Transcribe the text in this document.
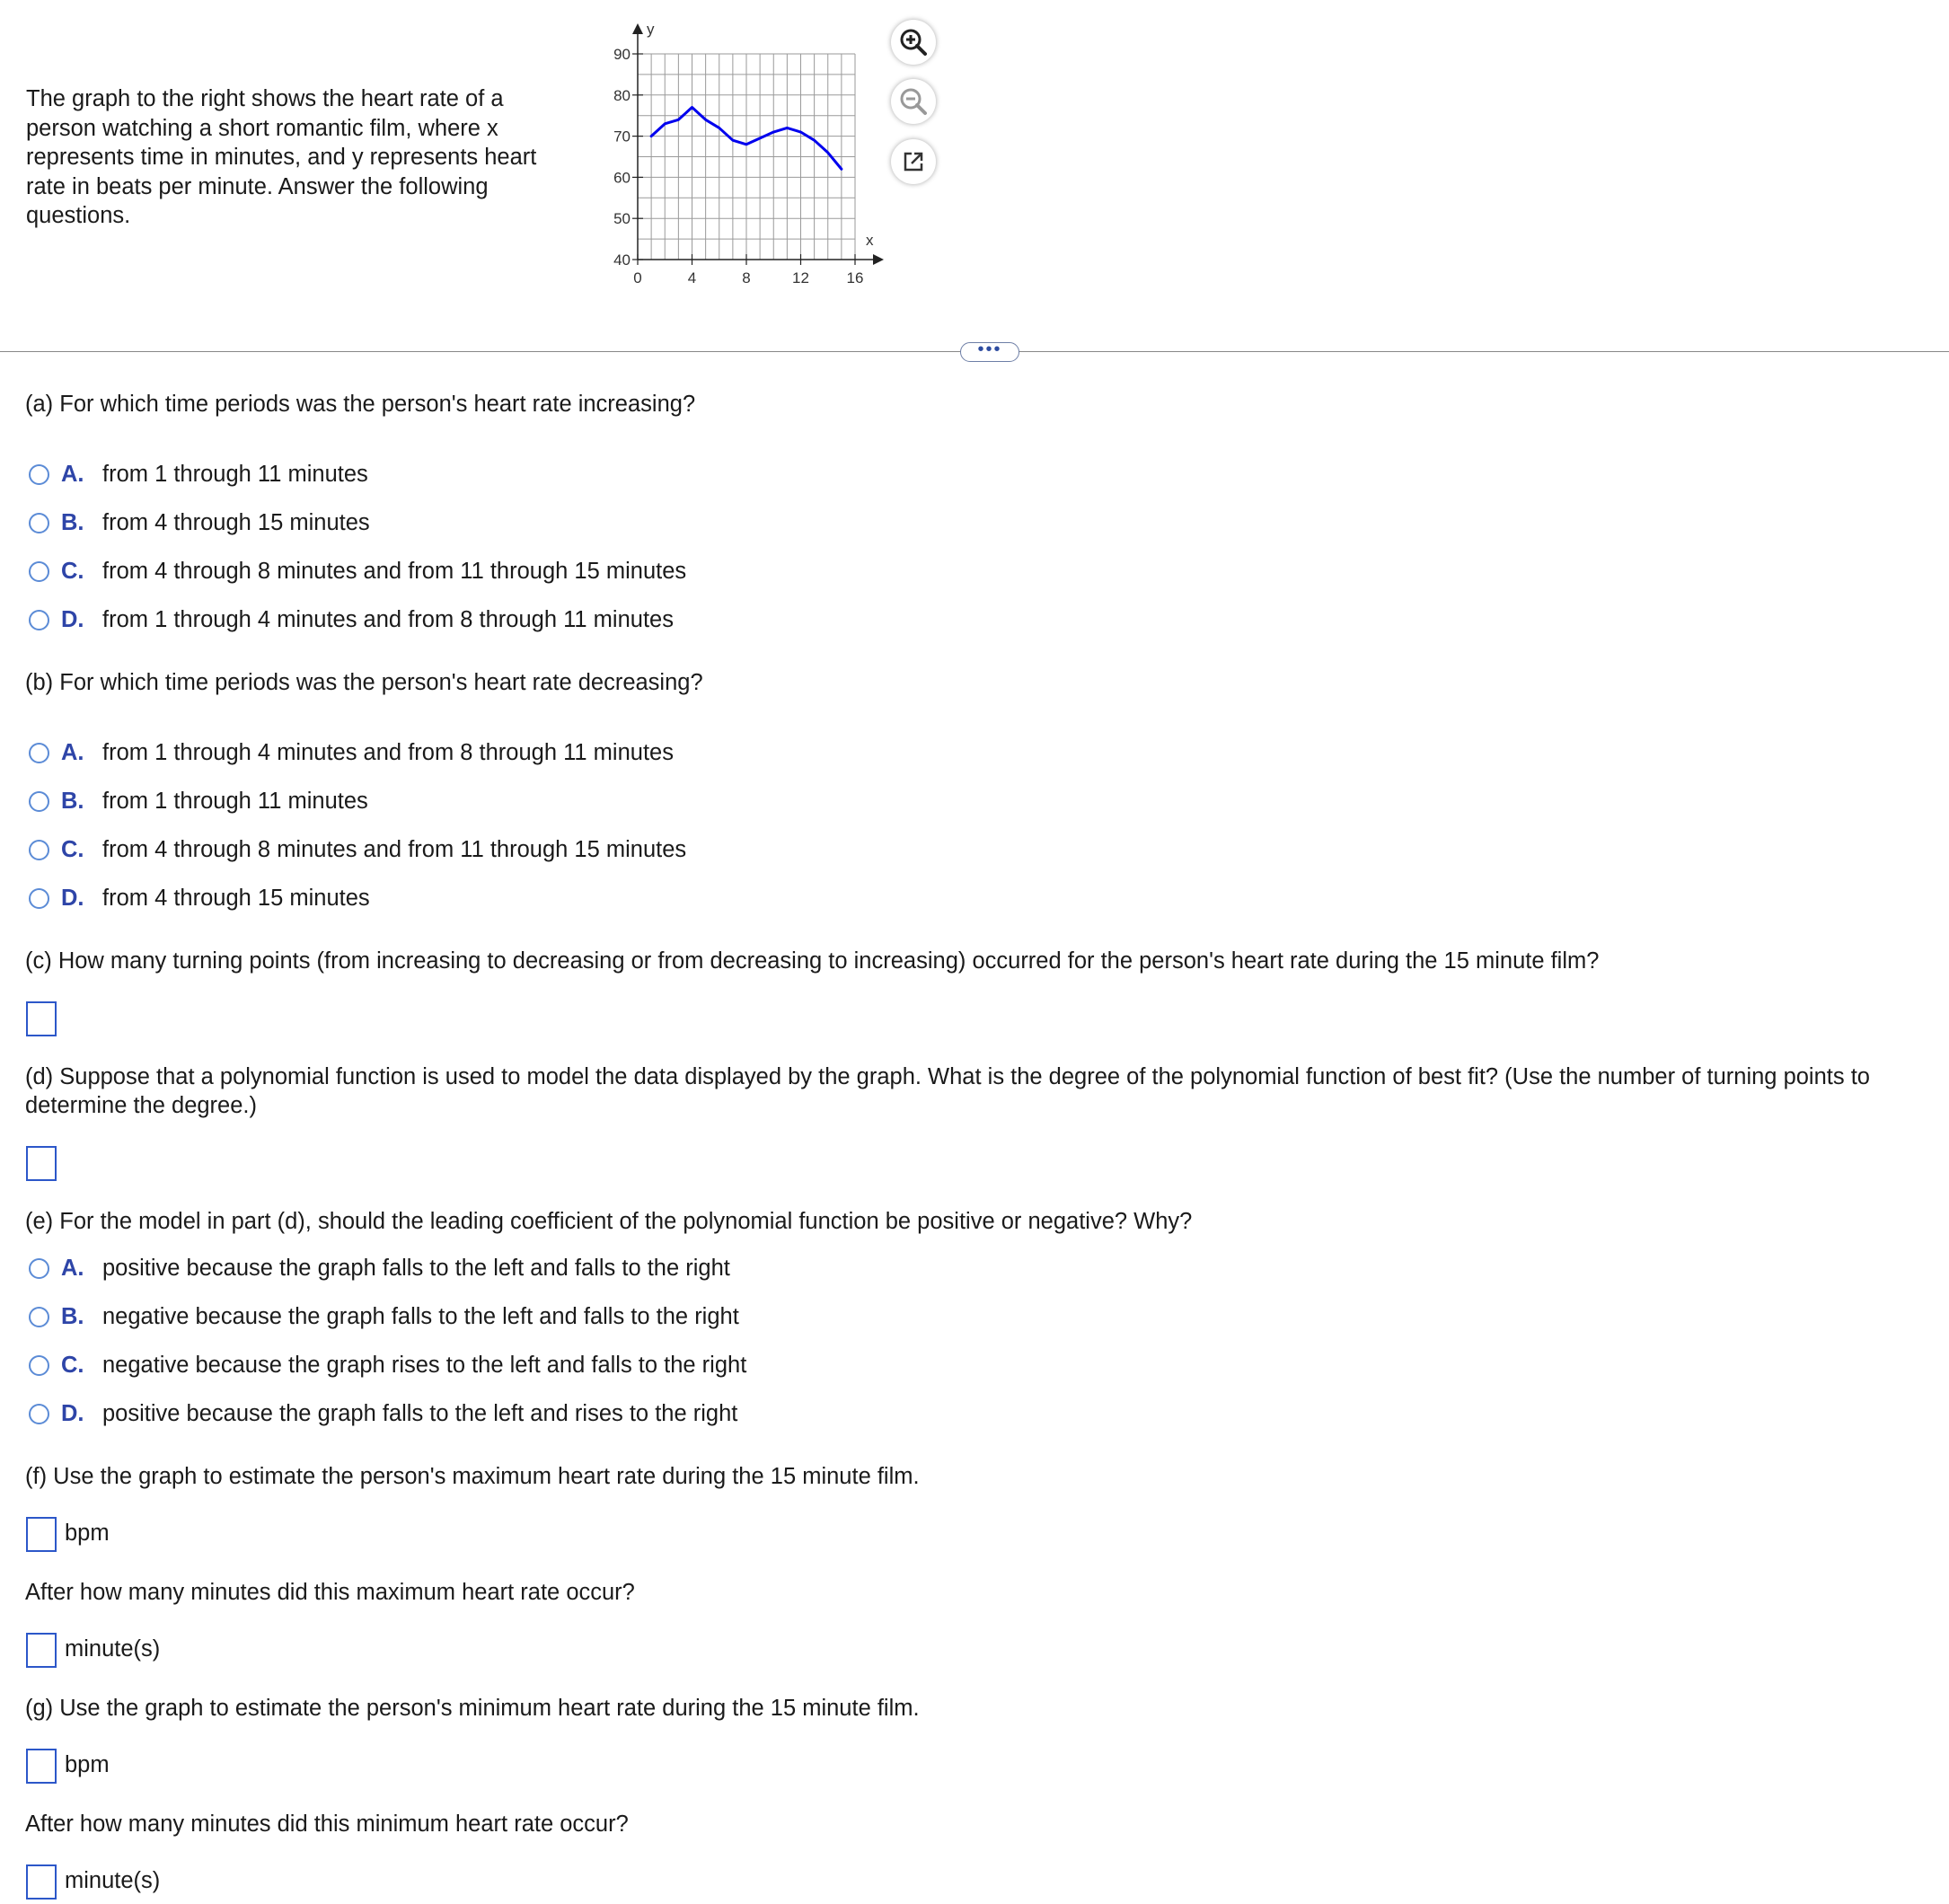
The graph to the right shows the heart rate of a person watching a short romantic film, where x represents time in minutes, and y represents heart rate in beats per minute. Answer the following questions.
40
50
60
70
80
90
0	4	8	12 16
x
y
•••
(a) For which time periods was the person's heart rate increasing?
A. from 1 through 11 minutes
B. from 4 through 15 minutes
C. from 4 through 8 minutes and from 11 through 15 minutes
D. from 1 through 4 minutes and from 8 through 11 minutes
(b) For which time periods was the person's heart rate decreasing?
A. from 1 through 4 minutes and from 8 through 11 minutes
B. from 1 through 11 minutes
C. from 4 through 8 minutes and from 11 through 15 minutes
D. from 4 through 15 minutes
(c) How many turning points (from increasing to decreasing or from decreasing to increasing) occurred for the person's heart rate during the 15 minute film?
(d) Suppose that a polynomial function is used to model the data displayed by the graph. What is the degree of the polynomial function of best fit? (Use the number of turning points to determine the degree.)
(e) For the model in part (d), should the leading coefficient of the polynomial function be positive or negative? Why?
A. positive because the graph falls to the left and falls to the right
B. negative because the graph falls to the left and falls to the right
C. negative because the graph rises to the left and falls to the right
D. positive because the graph falls to the left and rises to the right
(f) Use the graph to estimate the person's maximum heart rate during the 15 minute film.
bpm
After how many minutes did this maximum heart rate occur?
minute(s)
(g) Use the graph to estimate the person's minimum heart rate during the 15 minute film.
bpm
After how many minutes did this minimum heart rate occur?
minute(s)
